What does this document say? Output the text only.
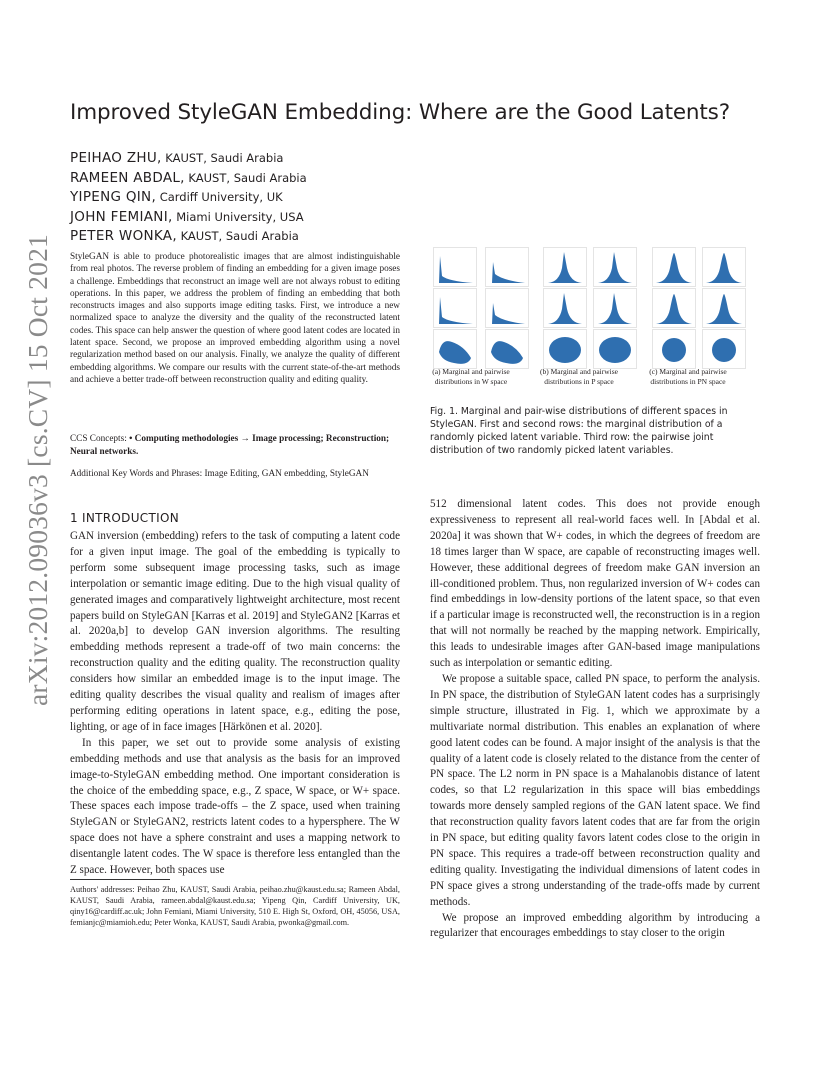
arXiv:2012.09036v3 [cs.CV] 15 Oct 2021
Improved StyleGAN Embedding: Where are the Good Latents?
PEIHAO ZHU, KAUST, Saudi Arabia
RAMEEN ABDAL, KAUST, Saudi Arabia
YIPENG QIN, Cardiff University, UK
JOHN FEMIANI, Miami University, USA
PETER WONKA, KAUST, Saudi Arabia
StyleGAN is able to produce photorealistic images that are almost indistinguishable from real photos. The reverse problem of finding an embedding for a given image poses a challenge. Embeddings that reconstruct an image well are not always robust to editing operations. In this paper, we address the problem of finding an embedding that both reconstructs images and also supports image editing tasks. First, we introduce a new normalized space to analyze the diversity and the quality of the reconstructed latent codes. This space can help answer the question of where good latent codes are located in latent space. Second, we propose an improved embedding algorithm using a novel regularization method based on our analysis. Finally, we analyze the quality of different embedding algorithms. We compare our results with the current state-of-the-art methods and achieve a better trade-off between reconstruction quality and editing quality.
CCS Concepts: • Computing methodologies → Image processing; Reconstruction; Neural networks.
Additional Key Words and Phrases: Image Editing, GAN embedding, StyleGAN
1 INTRODUCTION

GAN inversion (embedding) refers to the task of computing a latent code for a given input image. The goal of the embedding is typically to perform some subsequent image processing tasks, such as image interpolation or semantic image editing. Due to the high visual quality of generated images and comparatively lightweight architecture, most recent papers build on StyleGAN [Karras et al. 2019] and StyleGAN2 [Karras et al. 2020a,b] to develop GAN inversion algorithms. The resulting embedding methods represent a trade-off of two main concerns: the reconstruction quality and the editing quality. The reconstruction quality considers how similar an embedded image is to the input image. The editing quality describes the visual quality and realism of images after performing editing operations in latent space, e.g., editing the pose, lighting, or age of in face images [Härkönen et al. 2020].

In this paper, we set out to provide some analysis of existing embedding methods and use that analysis as the basis for an improved image-to-StyleGAN embedding method. One important consideration is the choice of the embedding space, e.g., Z space, W space, or W+ space. These spaces each impose trade-offs – the Z space, used when training StyleGAN or StyleGAN2, restricts latent codes to a hypersphere. The W space does not have a sphere constraint and uses a mapping network to disentangle latent codes. The W space is therefore less entangled than the Z space. However, both spaces use

Authors' addresses: Peihao Zhu, KAUST, Saudi Arabia, peihao.zhu@kaust.edu.sa; Rameen Abdal, KAUST, Saudi Arabia, rameen.abdal@kaust.edu.sa; Yipeng Qin, Cardiff University, UK, qiny16@cardiff.ac.uk; John Femiani, Miami University, 510 E. High St, Oxford, OH, 45056, USA, femianjc@miamioh.edu; Peter Wonka, KAUST, Saudi Arabia, pwonka@gmail.com.
(a) Marginal and pairwise distributions in W space
(b) Marginal and pairwise distributions in P space
(c) Marginal and pairwise distributions in PN space
Fig. 1. Marginal and pair-wise distributions of different spaces in StyleGAN. First and second rows: the marginal distribution of a randomly picked latent variable. Third row: the pairwise joint distribution of two randomly picked latent variables.

512 dimensional latent codes. This does not provide enough expressiveness to represent all real-world faces well. In [Abdal et al. 2020a] it was shown that W+ codes, in which the degrees of freedom are 18 times larger than W space, are capable of reconstructing images well. However, these additional degrees of freedom make GAN inversion an ill-conditioned problem. Thus, non regularized inversion of W+ codes can find embeddings in low-density portions of the latent space, so that even if a particular image is reconstructed well, the reconstruction is in a region that will not normally be reached by the mapping network. Empirically, this leads to undesirable images after GAN-based image manipulations such as interpolation or semantic editing.

We propose a suitable space, called PN space, to perform the analysis. In PN space, the distribution of StyleGAN latent codes has a surprisingly simple structure, illustrated in Fig. 1, which we approximate by a multivariate normal distribution. This enables an explanation of where good latent codes can be found. A major insight of the analysis is that the quality of a latent code is closely related to the distance from the center of PN space. The L2 norm in PN space is a Mahalanobis distance of latent codes, so that L2 regularization in this space will bias embeddings towards more densely sampled regions of the GAN latent space. We find that reconstruction quality favors latent codes that are far from the origin in PN space, but editing quality favors latent codes close to the origin in PN space. This requires a trade-off between reconstruction quality and editing quality. Investigating the individual dimensions of latent codes in PN space gives a strong understanding of the trade-offs made by current methods.

We propose an improved embedding algorithm by introducing a regularizer that encourages embeddings to stay closer to the origin
